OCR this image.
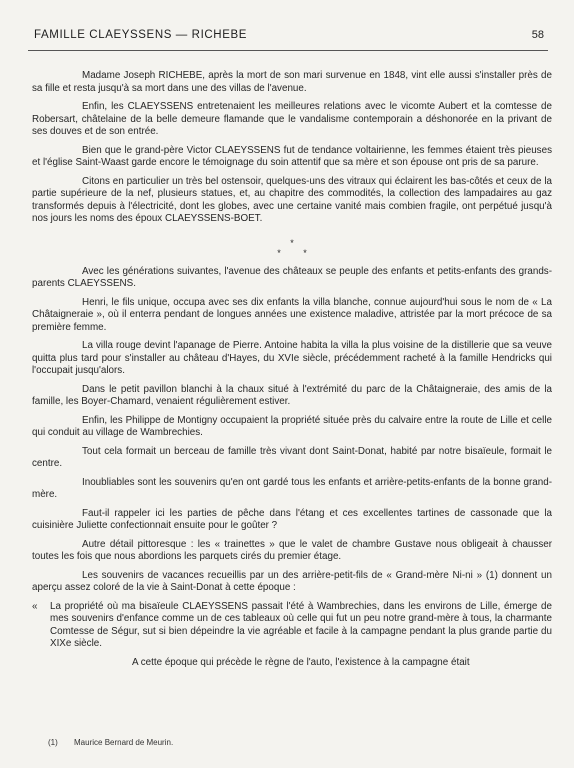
FAMILLE CLAEYSSENS — RICHEBE	58

Madame Joseph RICHEBE, après la mort de son mari survenue en 1848, vint elle aussi s'installer près de sa fille et resta jusqu'à sa mort dans une des villas de l'avenue.

Enfin, les CLAEYSSENS entretenaient les meilleures relations avec le vicomte Aubert et la comtesse de Robersart, châtelaine de la belle demeure flamande que le vandalisme contemporain a déshonorée en la privant de ses douves et de son entrée.

Bien que le grand-père Victor CLAEYSSENS fut de tendance voltairienne, les femmes étaient très pieuses et l'église Saint-Waast garde encore le témoignage du soin attentif que sa mère et son épouse ont pris de sa parure.

Citons en particulier un très bel ostensoir, quelques-uns des vitraux qui éclairent les bas-côtés et ceux de la partie supérieure de la nef, plusieurs statues, et, au chapitre des commodités, la collection des lampadaires au gaz transformés depuis à l'électricité, dont les globes, avec une certaine vanité mais combien fragile, ont perpétué jusqu'à nos jours les noms des époux CLAEYSSENS-BOET.

*
* *

Avec les générations suivantes, l'avenue des châteaux se peuple des enfants et petits-enfants des grands-parents CLAEYSSENS.

Henri, le fils unique, occupa avec ses dix enfants la villa blanche, connue aujourd'hui sous le nom de « La Châtaigneraie », où il enterra pendant de longues années une existence maladive, attristée par la mort précoce de sa première femme.

La villa rouge devint l'apanage de Pierre. Antoine habita la villa la plus voisine de la distillerie que sa veuve quitta plus tard pour s'installer au château d'Hayes, du XVIe siècle, précédemment racheté à la famille Hendricks qui l'occupait jusqu'alors.

Dans le petit pavillon blanchi à la chaux situé à l'extrémité du parc de la Châtaigneraie, des amis de la famille, les Boyer-Chamard, venaient régulièrement estiver.

Enfin, les Philippe de Montigny occupaient la propriété située près du calvaire entre la route de Lille et celle qui conduit au village de Wambrechies.

Tout cela formait un berceau de famille très vivant dont Saint-Donat, habité par notre bisaïeule, formait le centre.

Inoubliables sont les souvenirs qu'en ont gardé tous les enfants et arrière-petits-enfants de la bonne grand-mère.

Faut-il rappeler ici les parties de pêche dans l'étang et ces excellentes tartines de cassonade que la cuisinière Juliette confectionnait ensuite pour le goûter ?

Autre détail pittoresque : les « trainettes » que le valet de chambre Gustave nous obligeait à chausser toutes les fois que nous abordions les parquets cirés du premier étage.

Les souvenirs de vacances recueillis par un des arrière-petit-fils de « Grand-mère Ni-ni » (1) donnent un aperçu assez coloré de la vie à Saint-Donat à cette époque :

« La propriété où ma bisaïeule CLAEYSSENS passait l'été à Wambrechies, dans les environs de Lille, émerge de mes souvenirs d'enfance comme un de ces tableaux où celle qui fut un peu notre grand-mère à tous, la charmante Comtesse de Ségur, sut si bien dépeindre la vie agréable et facile à la campagne pendant la plus grande partie du XIXe siècle.

A cette époque qui précède le règne de l'auto, l'existence à la campagne était

(1) Maurice Bernard de Meurin.
